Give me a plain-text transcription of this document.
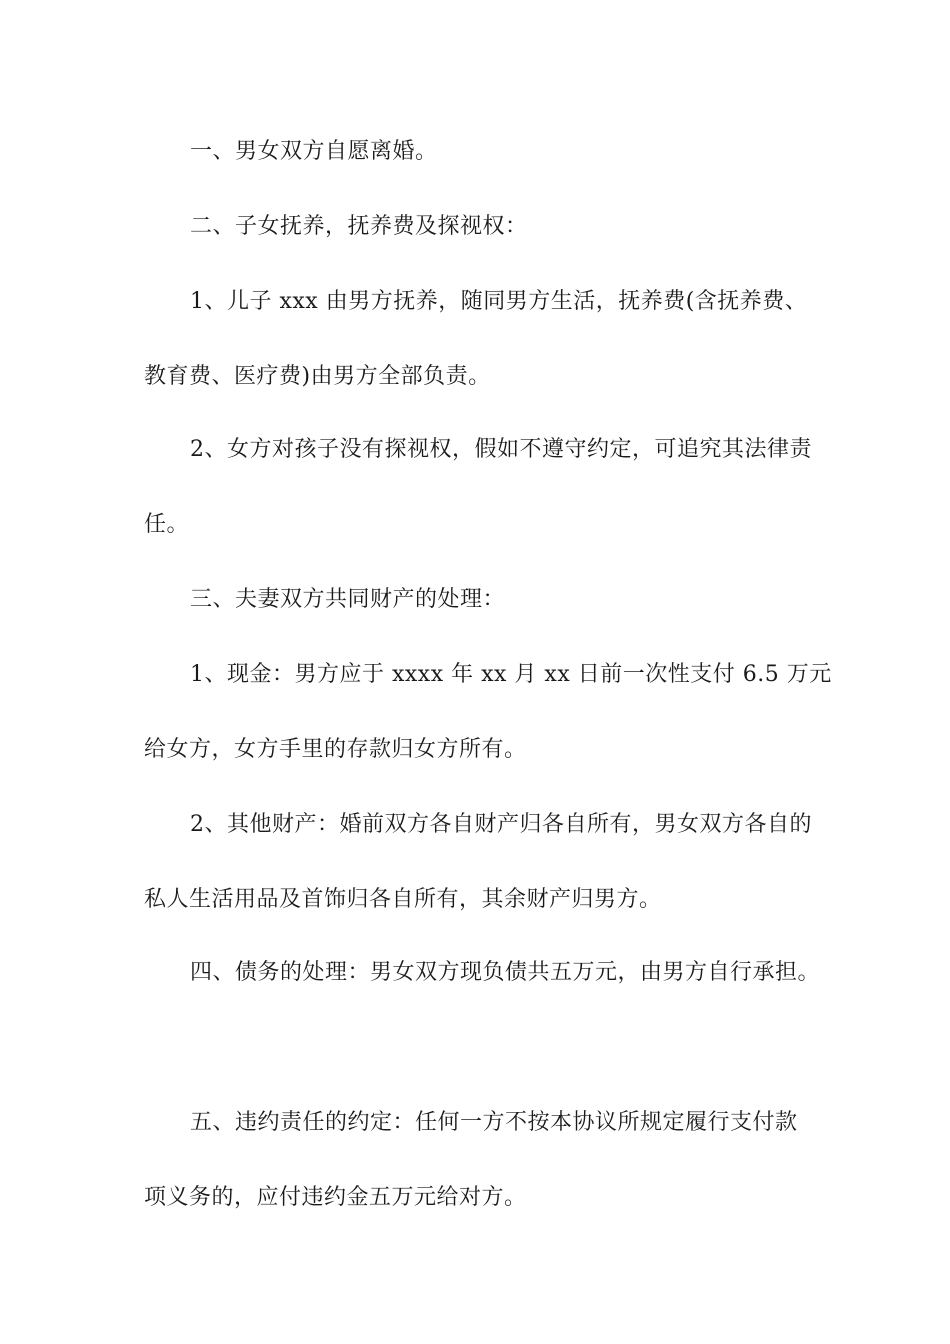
一、男女双方自愿离婚。
二、子女抚养，抚养费及探视权：
1、儿子 xxx 由男方抚养，随同男方生活，抚养费(含抚养费、
教育费、医疗费)由男方全部负责。
2、女方对孩子没有探视权，假如不遵守约定，可追究其法律责
任。
三、夫妻双方共同财产的处理：
1、现金：男方应于 xxxx 年 xx 月 xx 日前一次性支付 6.5 万元
给女方，女方手里的存款归女方所有。
2、其他财产：婚前双方各自财产归各自所有，男女双方各自的
私人生活用品及首饰归各自所有，其余财产归男方。
四、债务的处理：男女双方现负债共五万元，由男方自行承担。
五、违约责任的约定：任何一方不按本协议所规定履行支付款
项义务的，应付违约金五万元给对方。
